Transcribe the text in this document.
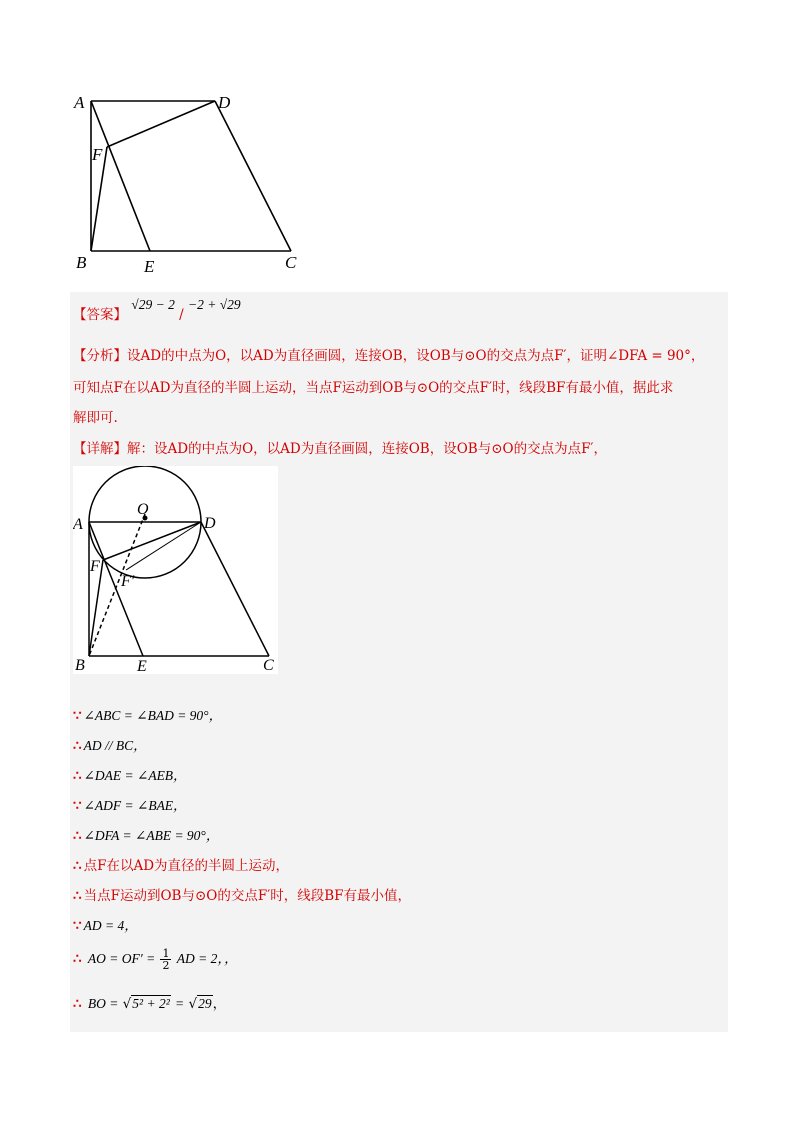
A	D
F
B	E	C
【答案】 √29 − 2 / −2 + √29
【分析】设AD的中点为O，以AD为直径画圆，连接OB，设OB与⊙O的交点为点F′，证明∠DFA = 90°，
可知点F在以AD为直径的半圆上运动，当点F运动到OB与⊙O的交点F′时，线段BF有最小值，据此求
解即可.
【详解】解：设AD的中点为O，以AD为直径画圆，连接OB，设OB与⊙O的交点为点F′，
O
A	D
F
F′
B	E	C
∵ ∠ABC = ∠BAD = 90°，
∴ AD // BC，
∴ ∠DAE = ∠AEB，
∵ ∠ADF = ∠BAE，
∴ ∠DFA = ∠ABE = 90°，
∴ 点F在以AD为直径的半圆上运动，
∴ 当点F运动到OB与⊙O的交点F′时，线段BF有最小值，
∵ AD = 4，
∴ AO = $OF' = \frac{1}{2}$ AD = 2，，
∴ BO = √5² + 2² = √29，
